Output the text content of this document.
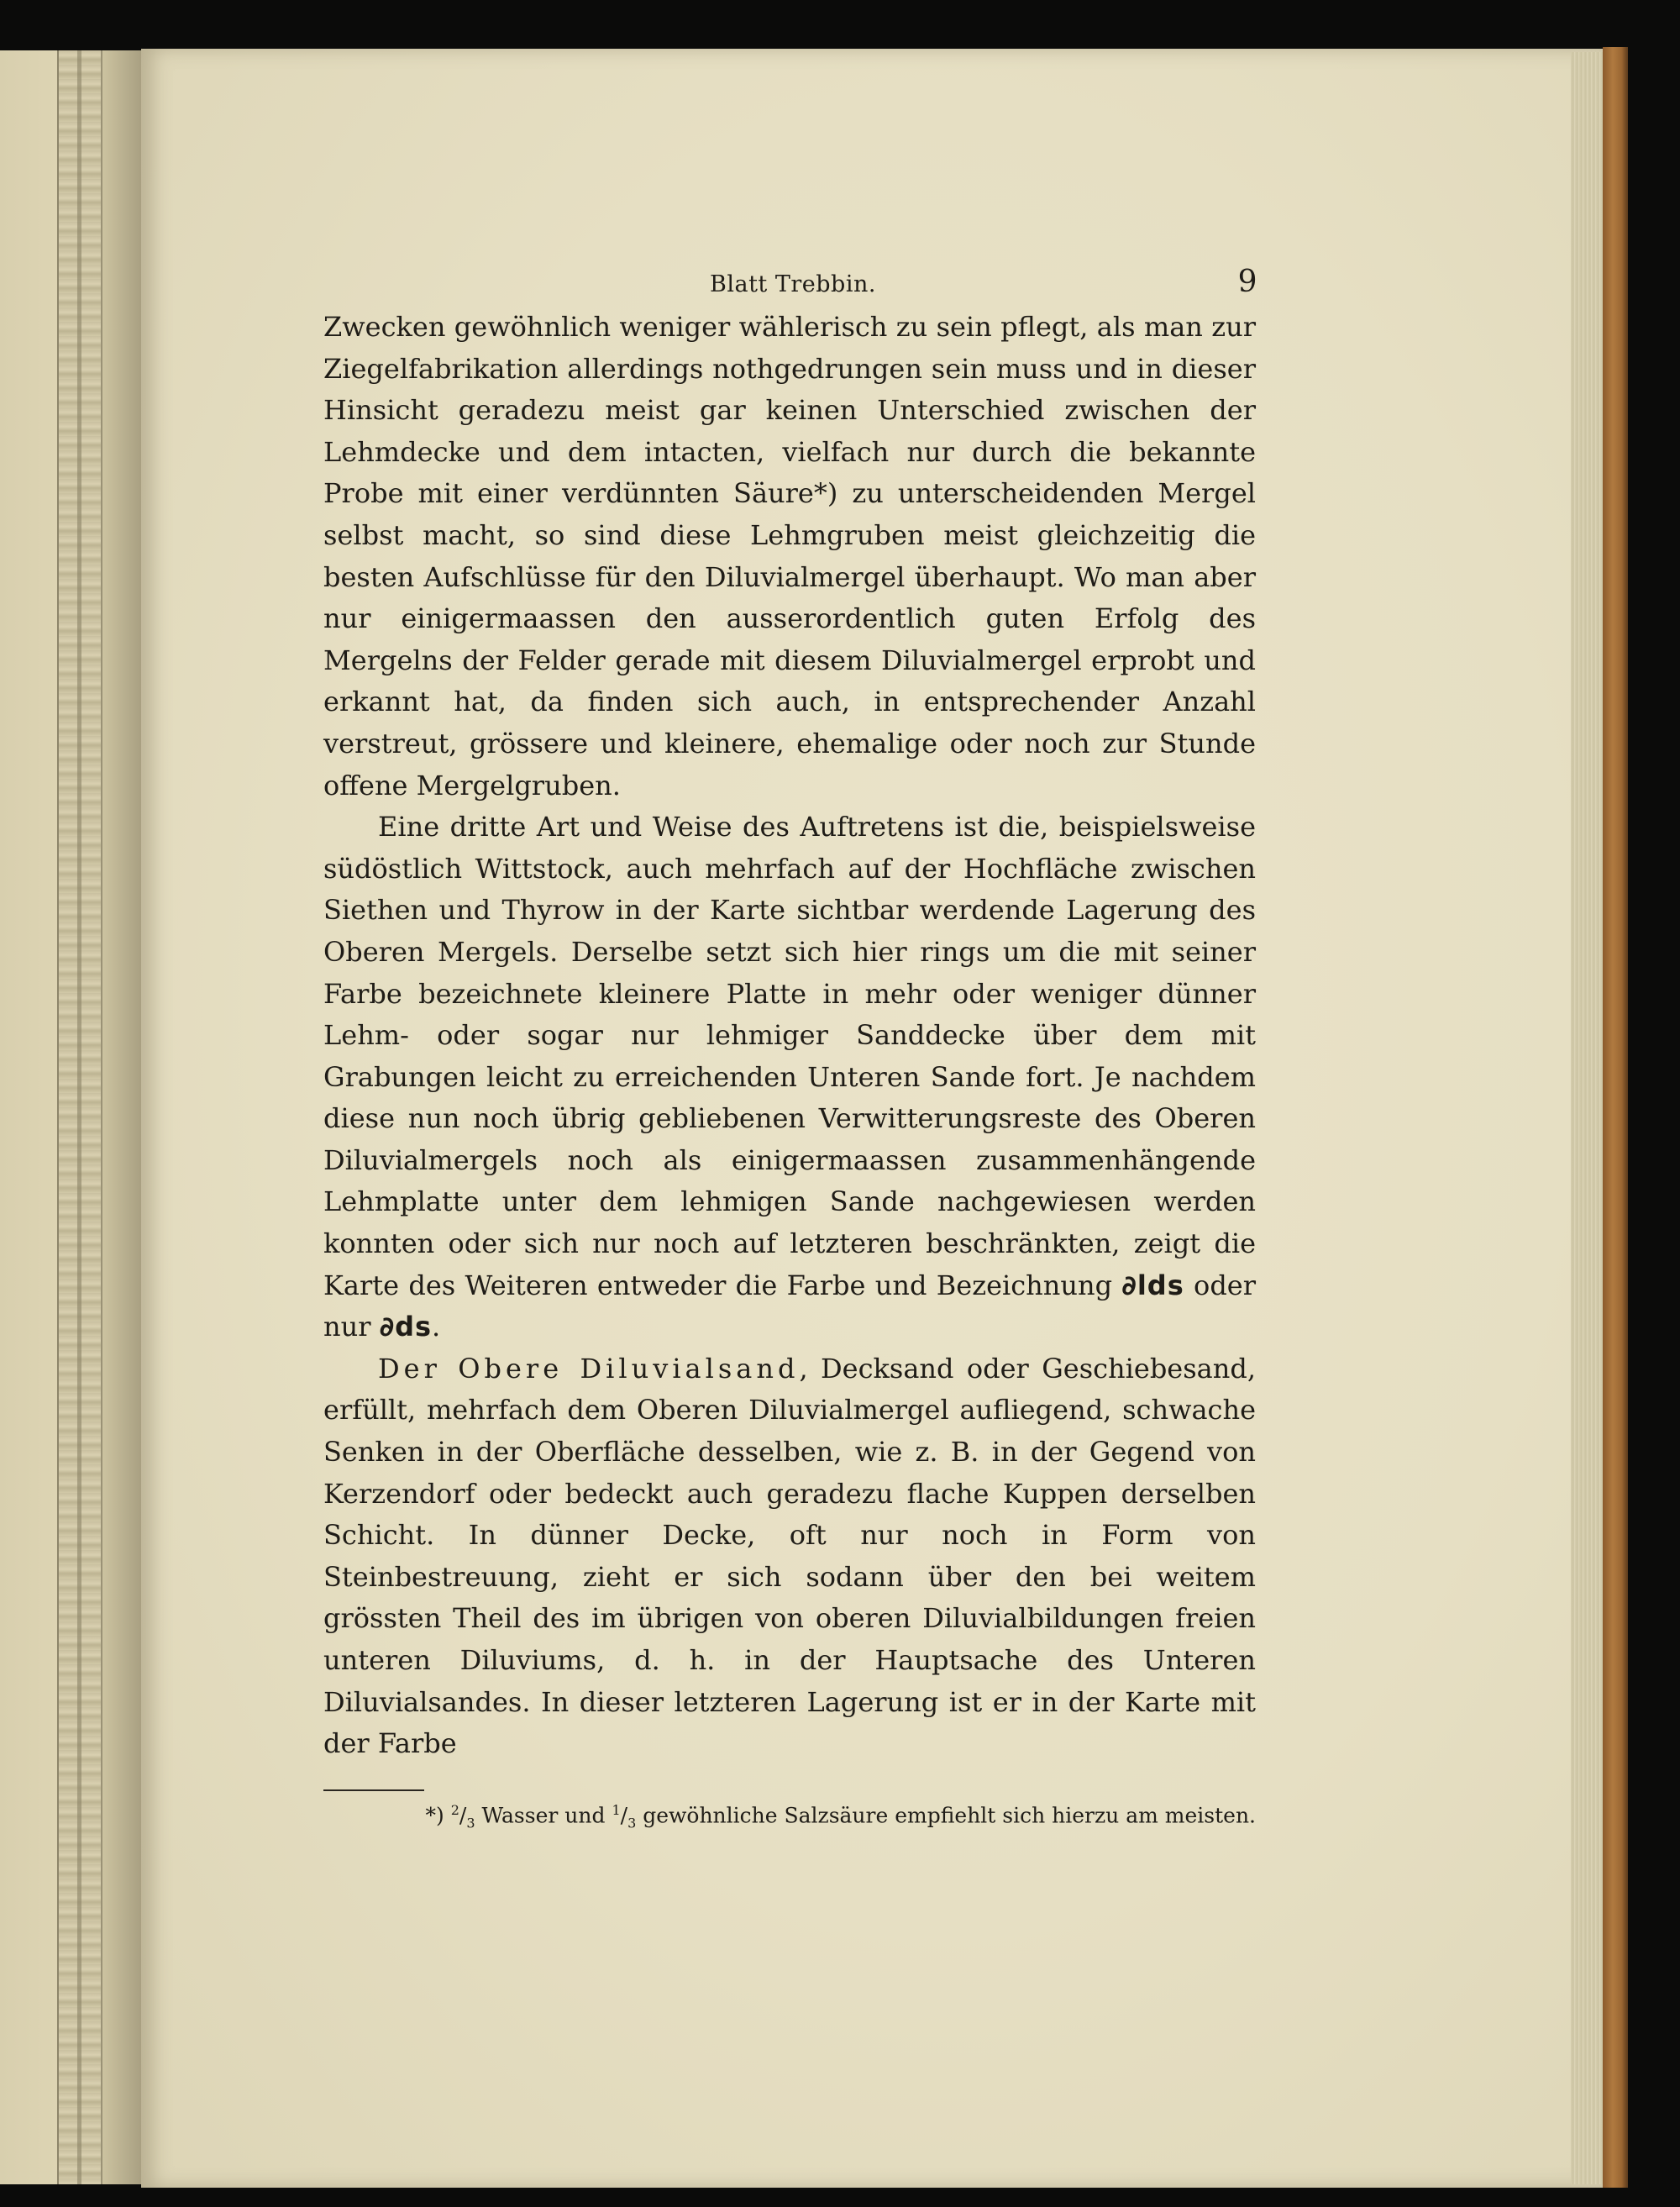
Blatt Trebbin.	9

Zwecken gewöhnlich weniger wählerisch zu sein pflegt, als man zur Ziegelfabrikation allerdings nothgedrungen sein muss und in dieser Hinsicht geradezu meist gar keinen Unterschied zwischen der Lehmdecke und dem intacten, vielfach nur durch die bekannte Probe mit einer verdünnten Säure*) zu unterscheidenden Mergel selbst macht, so sind diese Lehmgruben meist gleichzeitig die besten Aufschlüsse für den Diluvialmergel überhaupt. Wo man aber nur einigermaassen den ausserordentlich guten Erfolg des Mergelns der Felder gerade mit diesem Diluvialmergel erprobt und erkannt hat, da finden sich auch, in entsprechender Anzahl verstreut, grössere und kleinere, ehemalige oder noch zur Stunde offene Mergelgruben.

Eine dritte Art und Weise des Auftretens ist die, beispielsweise südöstlich Wittstock, auch mehrfach auf der Hochfläche zwischen Siethen und Thyrow in der Karte sichtbar werdende Lagerung des Oberen Mergels. Derselbe setzt sich hier rings um die mit seiner Farbe bezeichnete kleinere Platte in mehr oder weniger dünner Lehm- oder sogar nur lehmiger Sanddecke über dem mit Grabungen leicht zu erreichenden Unteren Sande fort. Je nachdem diese nun noch übrig gebliebenen Verwitterungsreste des Oberen Diluvialmergels noch als einigermaassen zusammenhängende Lehmplatte unter dem lehmigen Sande nachgewiesen werden konnten oder sich nur noch auf letzteren beschränkten, zeigt die Karte des Weiteren entweder die Farbe und Bezeichnung ∂lds oder nur ∂ds.

Der Obere Diluvialsand, Decksand oder Geschiebesand, erfüllt, mehrfach dem Oberen Diluvialmergel aufliegend, schwache Senken in der Oberfläche desselben, wie z. B. in der Gegend von Kerzendorf oder bedeckt auch geradezu flache Kuppen derselben Schicht. In dünner Decke, oft nur noch in Form von Steinbestreuung, zieht er sich sodann über den bei weitem grössten Theil des im übrigen von oberen Diluvialbildungen freien unteren Diluviums, d. h. in der Hauptsache des Unteren Diluvialsandes. In dieser letzteren Lagerung ist er in der Karte mit der Farbe

*) $^2/_3$ Wasser und $^1/_3$ gewöhnliche Salzsäure empfiehlt sich hierzu am meisten.
